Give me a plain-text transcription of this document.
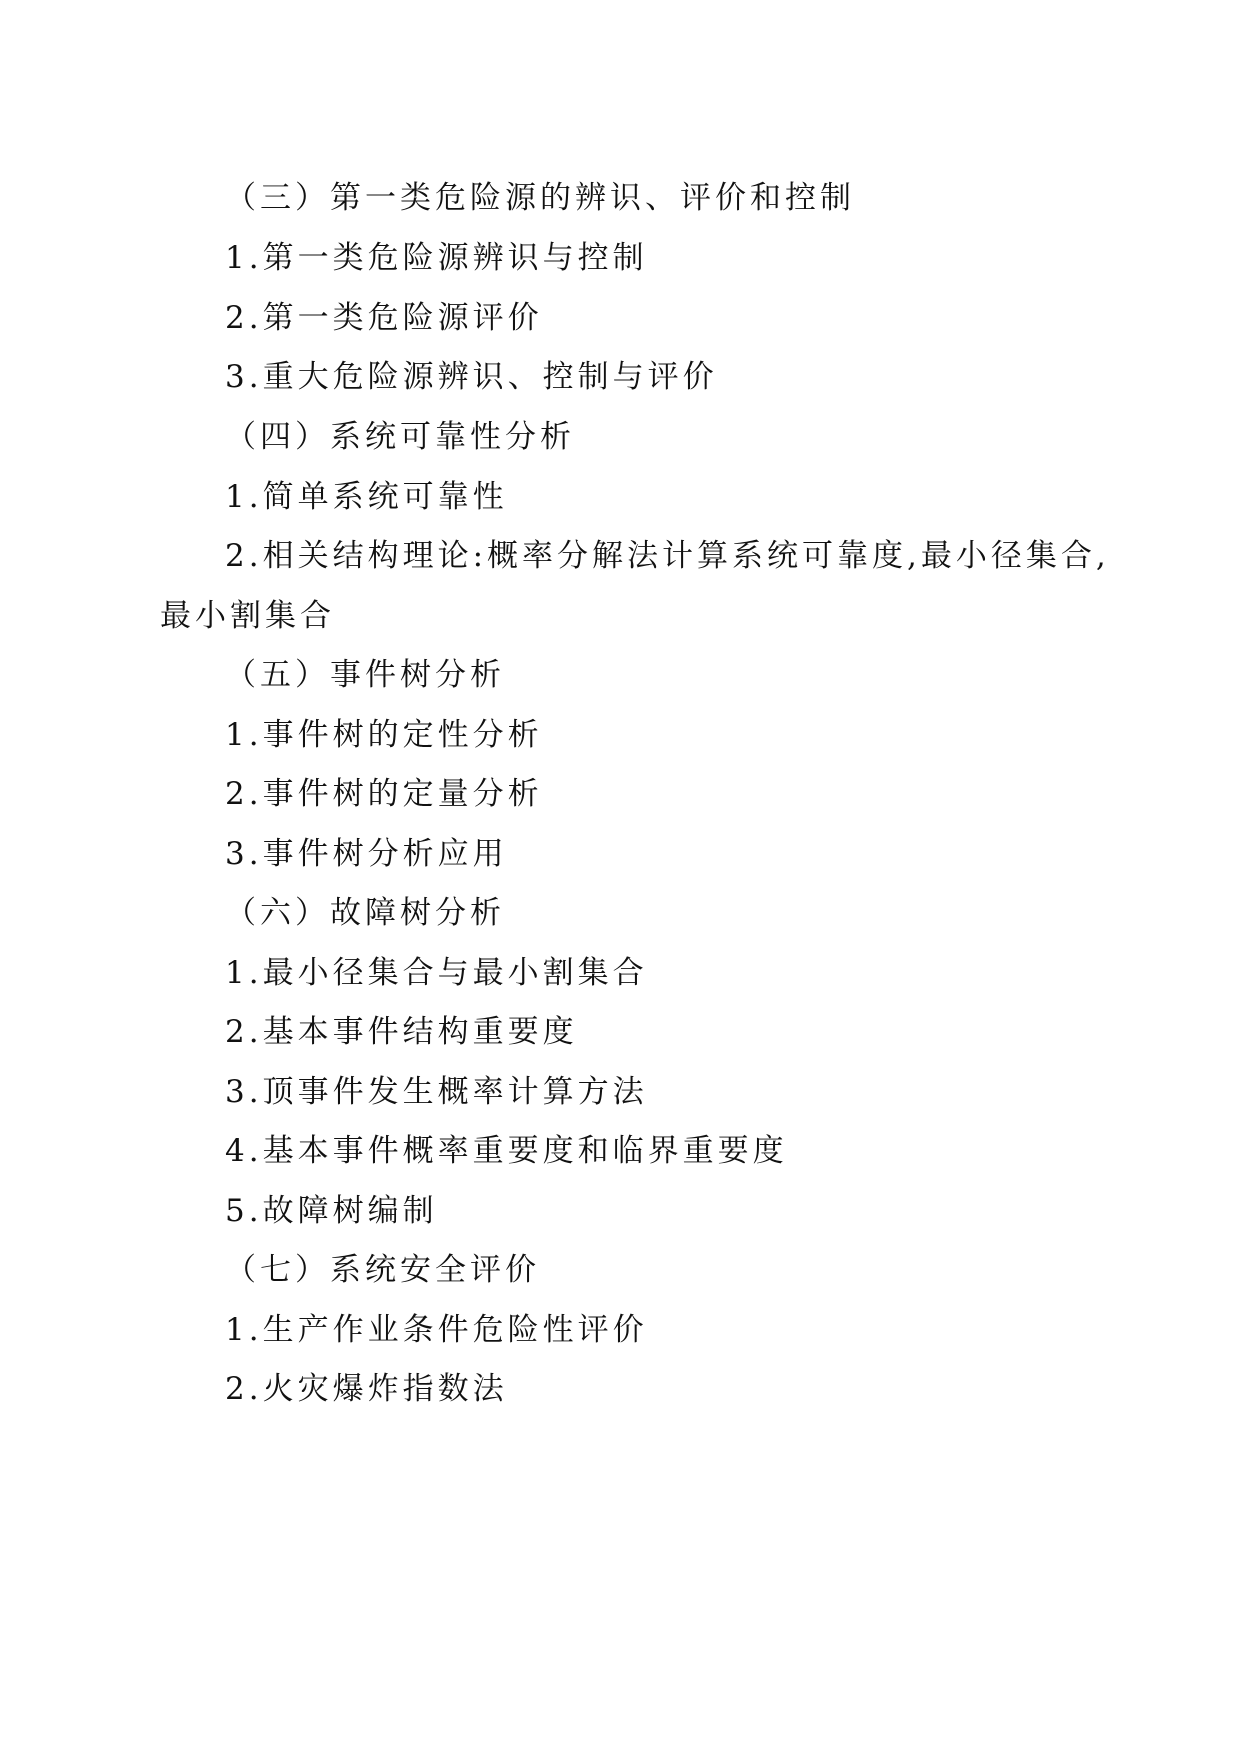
（三）第一类危险源的辨识、评价和控制
1.第一类危险源辨识与控制
2.第一类危险源评价
3.重大危险源辨识、控制与评价
（四）系统可靠性分析
1.简单系统可靠性
2.相关结构理论:概率分解法计算系统可靠度,最小径集合,
最小割集合
（五）事件树分析
1.事件树的定性分析
2.事件树的定量分析
3.事件树分析应用
（六）故障树分析
1.最小径集合与最小割集合
2.基本事件结构重要度
3.顶事件发生概率计算方法
4.基本事件概率重要度和临界重要度
5.故障树编制
（七）系统安全评价
1.生产作业条件危险性评价
2.火灾爆炸指数法
